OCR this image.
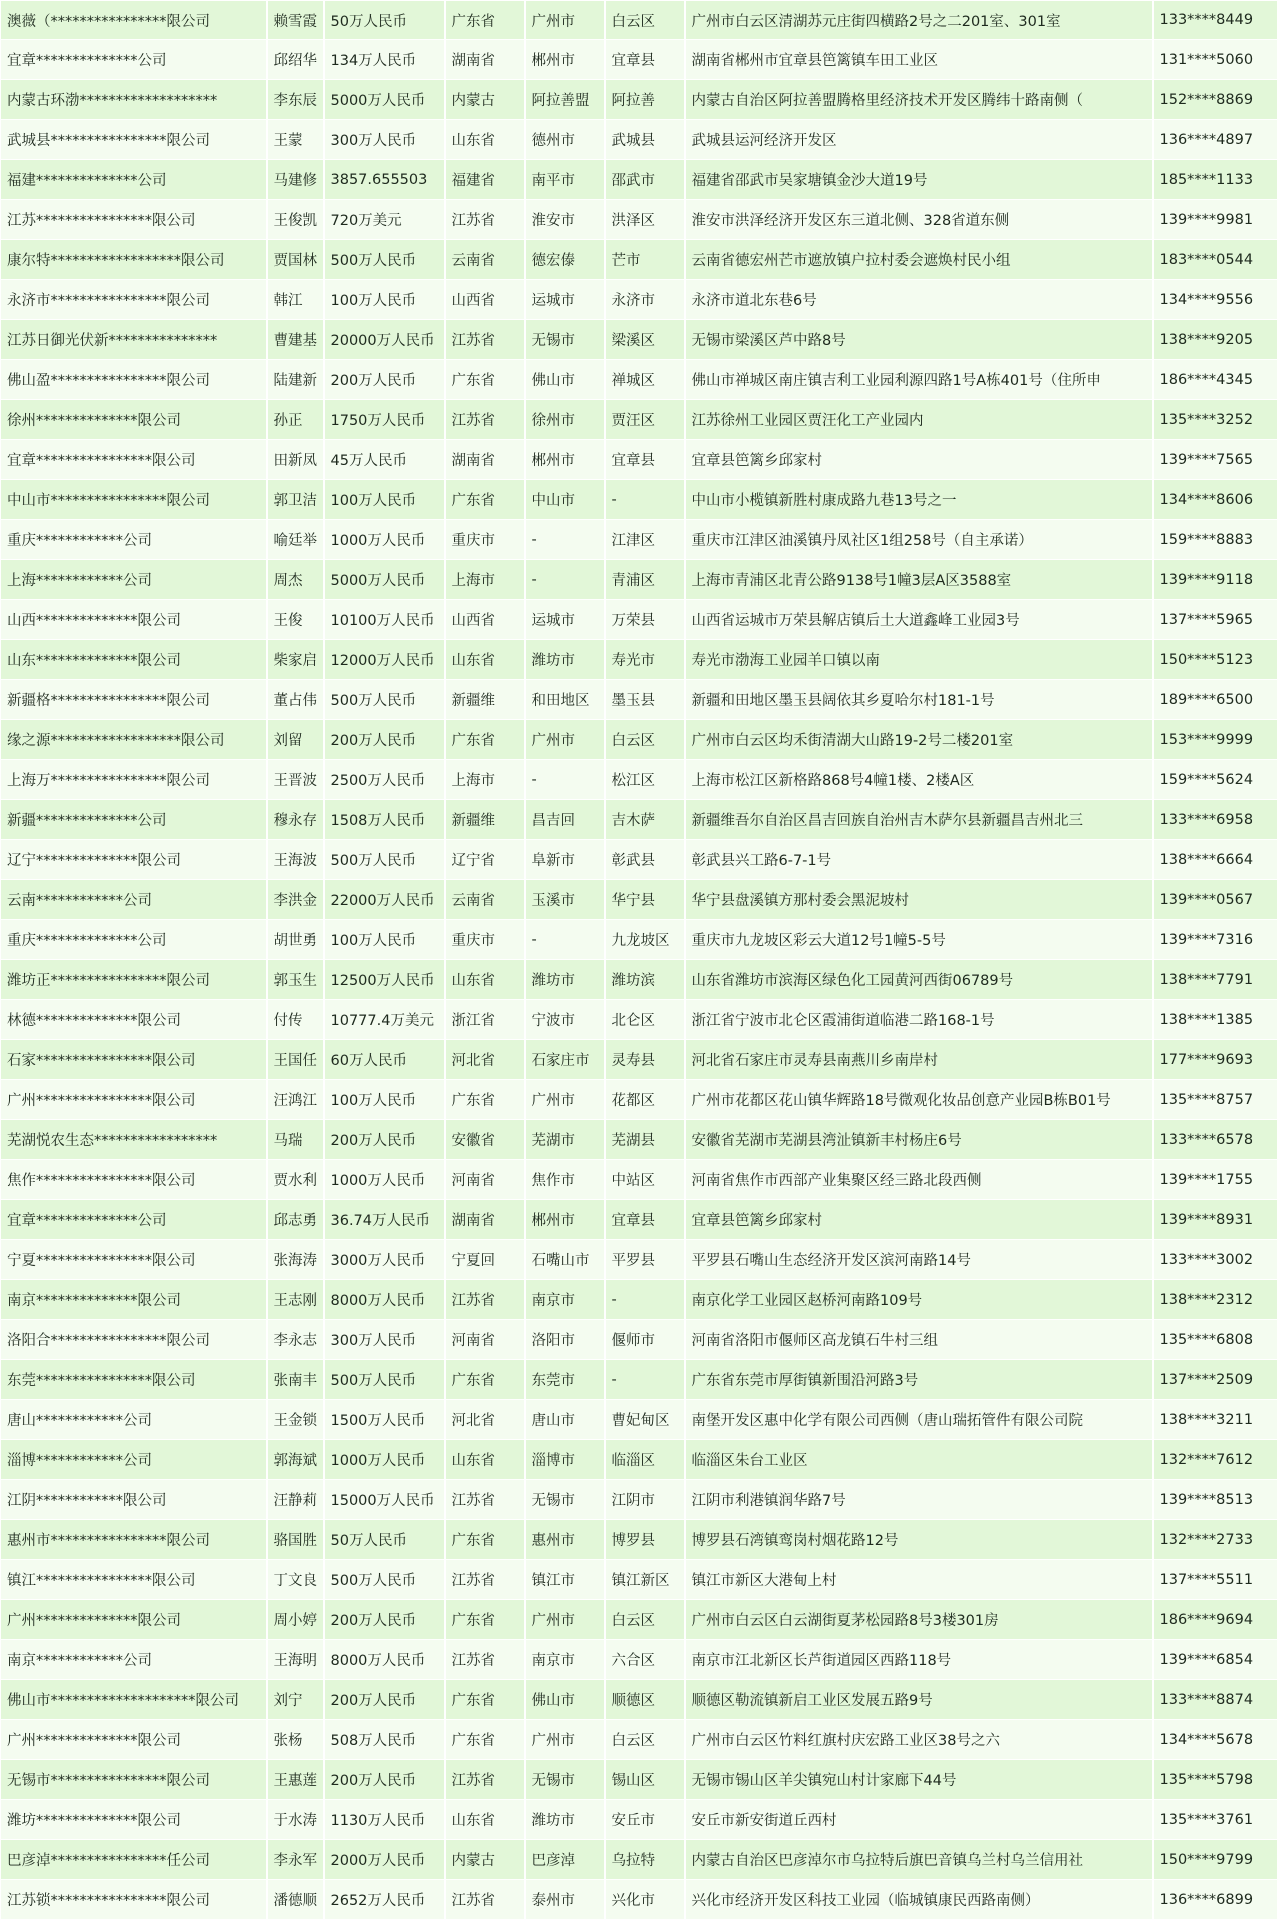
澳薇（****************限公司	赖雪霞	50万人民币	广东省	广州市	白云区	广州市白云区清湖苏元庄街四横路2号之二201室、301室	133****8449
宜章**************公司	邱绍华	134万人民币	湖南省	郴州市	宜章县	湖南省郴州市宜章县笆篱镇车田工业区	131****5060
内蒙古环渤*******************	李东辰	5000万人民币	内蒙古	阿拉善盟	阿拉善	内蒙古自治区阿拉善盟腾格里经济技术开发区腾纬十路南侧（	152****8869
武城县****************限公司	王蒙	300万人民币	山东省	德州市	武城县	武城县运河经济开发区	136****4897
福建**************公司	马建修	3857.655503	福建省	南平市	邵武市	福建省邵武市吴家塘镇金沙大道19号	185****1133
江苏****************限公司	王俊凯	720万美元	江苏省	淮安市	洪泽区	淮安市洪泽经济开发区东三道北侧、328省道东侧	139****9981
康尔特******************限公司	贾国林	500万人民币	云南省	德宏傣	芒市	云南省德宏州芒市遮放镇户拉村委会遮焕村民小组	183****0544
永济市****************限公司	韩江	100万人民币	山西省	运城市	永济市	永济市道北东巷6号	134****9556
江苏日御光伏新***************	曹建基	20000万人民币	江苏省	无锡市	梁溪区	无锡市梁溪区芦中路8号	138****9205
佛山盈****************限公司	陆建新	200万人民币	广东省	佛山市	禅城区	佛山市禅城区南庄镇吉利工业园利源四路1号A栋401号（住所申	186****4345
徐州**************限公司	孙正	1750万人民币	江苏省	徐州市	贾汪区	江苏徐州工业园区贾汪化工产业园内	135****3252
宜章****************限公司	田新凤	45万人民币	湖南省	郴州市	宜章县	宜章县笆篱乡邱家村	139****7565
中山市****************限公司	郭卫洁	100万人民币	广东省	中山市	-	中山市小榄镇新胜村康成路九巷13号之一	134****8606
重庆************公司	喻廷举	1000万人民币	重庆市	-	江津区	重庆市江津区油溪镇丹凤社区1组258号（自主承诺）	159****8883
上海************公司	周杰	5000万人民币	上海市	-	青浦区	上海市青浦区北青公路9138号1幢3层A区3588室	139****9118
山西**************限公司	王俊	10100万人民币	山西省	运城市	万荣县	山西省运城市万荣县解店镇后土大道鑫峰工业园3号	137****5965
山东**************限公司	柴家启	12000万人民币	山东省	潍坊市	寿光市	寿光市渤海工业园羊口镇以南	150****5123
新疆格****************限公司	董占伟	500万人民币	新疆维	和田地区	墨玉县	新疆和田地区墨玉县阔依其乡夏哈尔村181-1号	189****6500
缘之源******************限公司	刘留	200万人民币	广东省	广州市	白云区	广州市白云区均禾街清湖大山路19-2号二楼201室	153****9999
上海万****************限公司	王晋波	2500万人民币	上海市	-	松江区	上海市松江区新格路868号4幢1楼、2楼A区	159****5624
新疆**************公司	穆永存	1508万人民币	新疆维	昌吉回	吉木萨	新疆维吾尔自治区昌吉回族自治州吉木萨尔县新疆昌吉州北三	133****6958
辽宁**************限公司	王海波	500万人民币	辽宁省	阜新市	彰武县	彰武县兴工路6-7-1号	138****6664
云南************公司	李洪金	22000万人民币	云南省	玉溪市	华宁县	华宁县盘溪镇方那村委会黑泥坡村	139****0567
重庆**************公司	胡世勇	100万人民币	重庆市	-	九龙坡区	重庆市九龙坡区彩云大道12号1幢5-5号	139****7316
潍坊正****************限公司	郭玉生	12500万人民币	山东省	潍坊市	潍坊滨	山东省潍坊市滨海区绿色化工园黄河西街06789号	138****7791
林德**************限公司	付传	10777.4万美元	浙江省	宁波市	北仑区	浙江省宁波市北仑区霞浦街道临港二路168-1号	138****1385
石家****************限公司	王国任	60万人民币	河北省	石家庄市	灵寿县	河北省石家庄市灵寿县南燕川乡南岸村	177****9693
广州****************限公司	汪鸿江	100万人民币	广东省	广州市	花都区	广州市花都区花山镇华辉路18号微观化妆品创意产业园B栋B01号	135****8757
芜湖悦农生态*****************	马瑞	200万人民币	安徽省	芜湖市	芜湖县	安徽省芜湖市芜湖县湾沚镇新丰村杨庄6号	133****6578
焦作****************限公司	贾水利	1000万人民币	河南省	焦作市	中站区	河南省焦作市西部产业集聚区经三路北段西侧	139****1755
宜章**************公司	邱志勇	36.74万人民币	湖南省	郴州市	宜章县	宜章县笆篱乡邱家村	139****8931
宁夏****************限公司	张海涛	3000万人民币	宁夏回	石嘴山市	平罗县	平罗县石嘴山生态经济开发区滨河南路14号	133****3002
南京**************限公司	王志刚	8000万人民币	江苏省	南京市	-	南京化学工业园区赵桥河南路109号	138****2312
洛阳合****************限公司	李永志	300万人民币	河南省	洛阳市	偃师市	河南省洛阳市偃师区高龙镇石牛村三组	135****6808
东莞****************限公司	张南丰	500万人民币	广东省	东莞市	-	广东省东莞市厚街镇新围沿河路3号	137****2509
唐山************公司	王金锁	1500万人民币	河北省	唐山市	曹妃甸区	南堡开发区惠中化学有限公司西侧（唐山瑞拓管件有限公司院	138****3211
淄博************公司	郭海斌	1000万人民币	山东省	淄博市	临淄区	临淄区朱台工业区	132****7612
江阴************限公司	汪静莉	15000万人民币	江苏省	无锡市	江阴市	江阴市利港镇润华路7号	139****8513
惠州市****************限公司	骆国胜	50万人民币	广东省	惠州市	博罗县	博罗县石湾镇鸾岗村烟花路12号	132****2733
镇江****************限公司	丁文良	500万人民币	江苏省	镇江市	镇江新区	镇江市新区大港甸上村	137****5511
广州**************限公司	周小婷	200万人民币	广东省	广州市	白云区	广州市白云区白云湖街夏茅松园路8号3楼301房	186****9694
南京************公司	王海明	8000万人民币	江苏省	南京市	六合区	南京市江北新区长芦街道园区西路118号	139****6854
佛山市********************限公司	刘宁	200万人民币	广东省	佛山市	顺德区	顺德区勒流镇新启工业区发展五路9号	133****8874
广州**************限公司	张杨	508万人民币	广东省	广州市	白云区	广州市白云区竹料红旗村庆宏路工业区38号之六	134****5678
无锡市****************限公司	王惠莲	200万人民币	江苏省	无锡市	锡山区	无锡市锡山区羊尖镇宛山村计家廊下44号	135****5798
潍坊**************限公司	于水涛	1130万人民币	山东省	潍坊市	安丘市	安丘市新安街道丘西村	135****3761
巴彦淖****************任公司	李永军	2000万人民币	内蒙古	巴彦淖	乌拉特	内蒙古自治区巴彦淖尔市乌拉特后旗巴音镇乌兰村乌兰信用社	150****9799
江苏锁****************限公司	潘德顺	2652万人民币	江苏省	泰州市	兴化市	兴化市经济开发区科技工业园（临城镇康民西路南侧）	136****6899
